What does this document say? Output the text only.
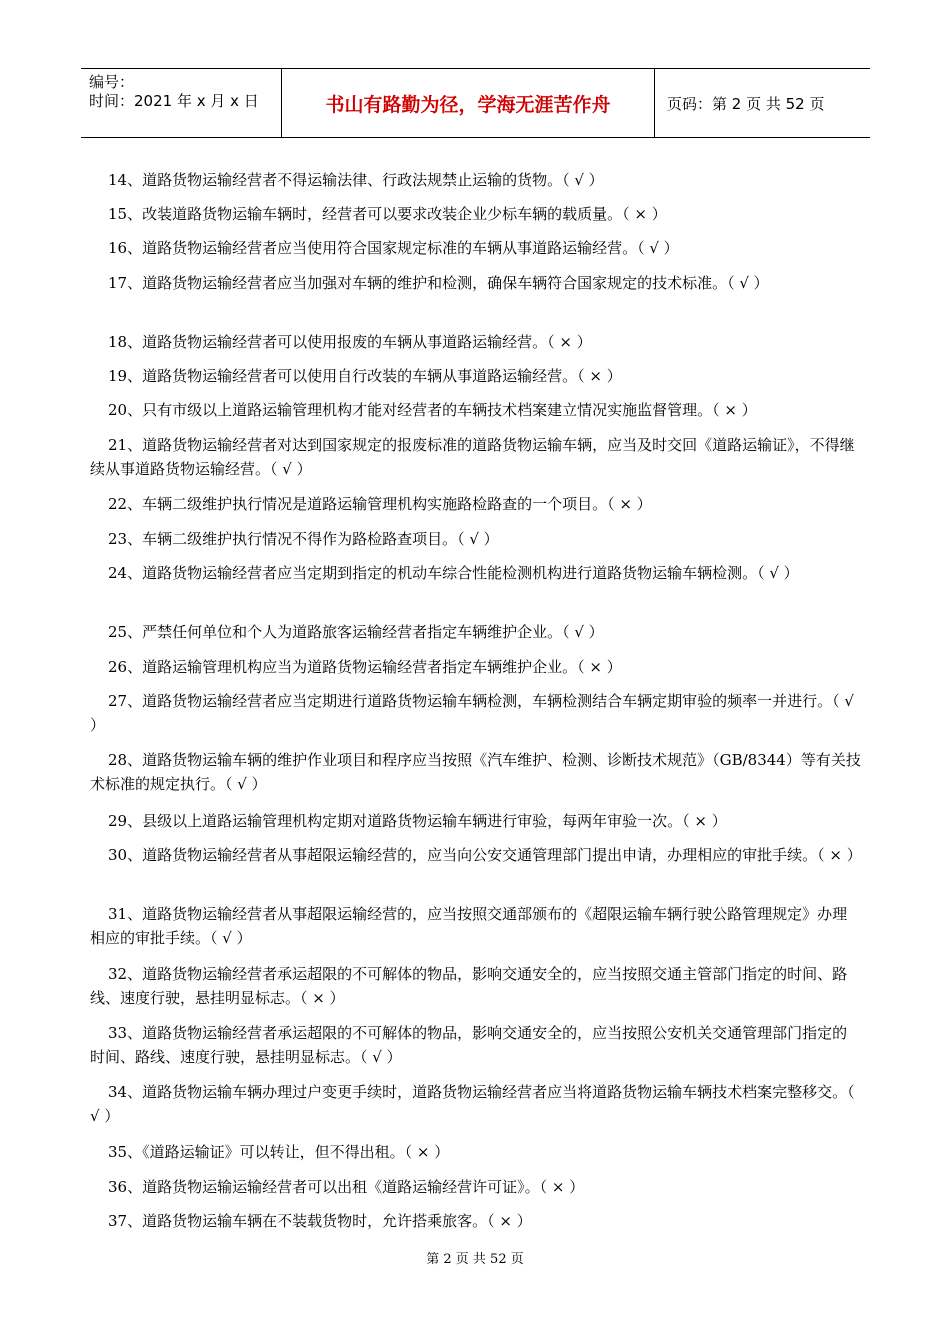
编号：
时间：2021 年 x 月 x 日	书山有路勤为径，学海无涯苦作舟	页码：第 2 页 共 52 页
14、道路货物运输经营者不得运输法律、行政法规禁止运输的货物。（ √ ）
15、改装道路货物运输车辆时，经营者可以要求改装企业少标车辆的载质量。（ × ）
16、道路货物运输经营者应当使用符合国家规定标准的车辆从事道路运输经营。（ √ ）
17、道路货物运输经营者应当加强对车辆的维护和检测，确保车辆符合国家规定的技术标准。（ √ ）
18、道路货物运输经营者可以使用报废的车辆从事道路运输经营。（ × ）
19、道路货物运输经营者可以使用自行改装的车辆从事道路运输经营。（ × ）
20、只有市级以上道路运输管理机构才能对经营者的车辆技术档案建立情况实施监督管理。（ × ）
21、道路货物运输经营者对达到国家规定的报废标准的道路货物运输车辆，应当及时交回《道路运输证》，不得继续从事道路货物运输经营。（ √ ）
22、车辆二级维护执行情况是道路运输管理机构实施路检路查的一个项目。（ × ）
23、车辆二级维护执行情况不得作为路检路查项目。（ √ ）
24、道路货物运输经营者应当定期到指定的机动车综合性能检测机构进行道路货物运输车辆检测。（ √ ）
25、严禁任何单位和个人为道路旅客运输经营者指定车辆维护企业。（ √ ）
26、道路运输管理机构应当为道路货物运输经营者指定车辆维护企业。（ × ）
27、道路货物运输经营者应当定期进行道路货物运输车辆检测，车辆检测结合车辆定期审验的频率一并进行。（ √ ）
28、道路货物运输车辆的维护作业项目和程序应当按照《汽车维护、检测、诊断技术规范》（GB/8344）等有关技术标准的规定执行。（ √ ）
29、县级以上道路运输管理机构定期对道路货物运输车辆进行审验，每两年审验一次。（ × ）
30、道路货物运输经营者从事超限运输经营的，应当向公安交通管理部门提出申请，办理相应的审批手续。（ × ）
31、道路货物运输经营者从事超限运输经营的，应当按照交通部颁布的《超限运输车辆行驶公路管理规定》办理相应的审批手续。（ √ ）
32、道路货物运输经营者承运超限的不可解体的物品，影响交通安全的，应当按照交通主管部门指定的时间、路线、速度行驶，悬挂明显标志。（ × ）
33、道路货物运输经营者承运超限的不可解体的物品，影响交通安全的，应当按照公安机关交通管理部门指定的时间、路线、速度行驶，悬挂明显标志。（ √ ）
34、道路货物运输车辆办理过户变更手续时，道路货物运输经营者应当将道路货物运输车辆技术档案完整移交。（ √ ）
35、《道路运输证》可以转让，但不得出租。（ × ）
36、道路货物运输运输经营者可以出租《道路运输经营许可证》。（ × ）
37、道路货物运输车辆在不装载货物时，允许搭乘旅客。（ × ）
第 2 页 共 52 页
